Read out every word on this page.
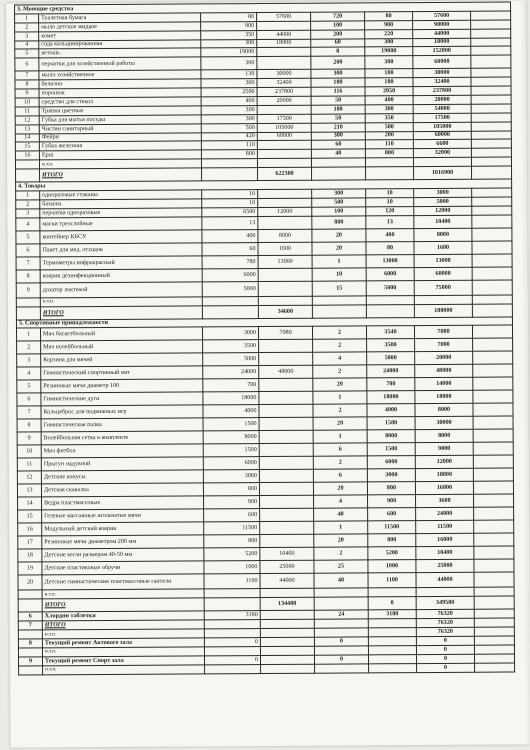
3. Моющие средства							
1	Туалетная бумага	80	57600	720	80	57600	
2	мыло детское жидкое	900		100	900	90000	
3	комет	350	44000	200	220	44000	
4	сода кальцинированная	300	18000	60	300	18000	
5	ветошь	19000		8	19000	152000	
6	перчатки для хозяйственной работы	300		200	300	60000	
7	мыло хозяйственное	130	30000	300	100	30000	
8	белизна	300	32400	180	180	32400	
9	порошок	2500	237800	116	2050	237800	
10	средство для стекол	400	20000	50	400	20000	
11	Тряпки цветные	300		180	300	54000	
12	Губка для мытья посуды	300	17500	50	350	17500	
13	Чистин санитарный	500	105000	210	500	105000	
14	Фейри	420	60000	300	200	60000	
15	Губка железная	110		60	110	6600	
16	Ерш	800		40	800	32000	
	и.т.п.						
	ИТОГО		622300			1016900	
4. Товары							
1	одноразовые стаканы	10		300	10	3000	
2	бахилы	10		500	10	5000	
3	перчатки одноразовые	6500	12000	100	120	12000	
4	маски трехслойные	13		800	13	10400	
5	контейнер КБСУ	400	8000	20	400	8000	
6	Пакет для мед. отходов	60	1600	20	80	1600	
7	Термометры инфракрасный	780	13000	1	13000	13000	
8	коврик дезинфекционный	6000		10	6000	60000	
9	дозатор локтевой	5000		15	5000	75000	
	и.т.п.						
	ИТОГО		34600			188000	
5. Спортивные принадлежности							
1	Мяч баскетбольный	3000	7080	2	3540	7080	
2	Мяч волейбольный	3500		2	3500	7000	
3	Корзина для мячей	5000		4	5000	20000	
4	Гимнастический спортивный мат	24000	48000	2	24000	48000	
5	Резиновые мячи диаметр 100	700		20	700	14000	
6	Гимнастические дуги	18000		1	18000	18000	
7	Кольцеброс для подвижных игр	4000		2	4000	8000	
8	Гимнастическая палка	1500		20	1500	30000	
9	Волейбольная сетка в комплекте	8000		1	8000	8000	
10	Мяч фитбол	1500		6	1500	9000	
11	Прыгун надувной	6000		2	6000	12000	
12	Детские конусы	3000		6	3000	18000	
13	Детская скакалка	800		20	800	16000	
14	Ведра пластмассовые	900		4	900	3600	
15	Гелевые массажные игольчатые мячи	600		40	600	24000	
16	Модульный детский коврик	11500		1	11500	11500	
17	Резиновые мячи диаметром 200 мм	800		20	800	16000	
18	Детские кегли размером 40-50 мм	5200	10400	2	5200	10400	
19	Детские пластиковые обручи	1000	25000	25	1000	25000	
20	Детские гимнастические пластмассовые гантели	1100	44000	40	1100	44000	
	и.т.п.						
	ИТОГО		134480		0	349580	
6	Хлордин таблетки	3180		24	3180	76320	
7	ИТОГО					76320	
	и.т.п.					76320	
8	Текущий ремонт Актового зала	0		0		0	
	и.т.п.					0	
9	Текущий ремонт Спорт зала	0		0		0	
	и.т.п.					0	
